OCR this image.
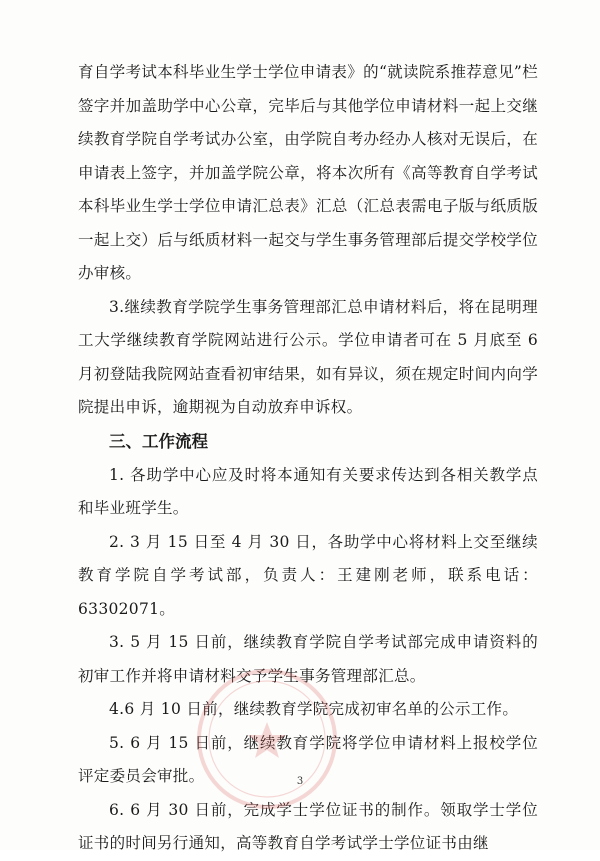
育自学考试本科毕业生学士学位申请表》的“就读院系推荐意见”栏签字并加盖助学中心公章，完毕后与其他学位申请材料一起上交继续教育学院自学考试办公室，由学院自考办经办人核对无误后，在申请表上签字，并加盖学院公章，将本次所有《高等教育自学考试本科毕业生学士学位申请汇总表》汇总（汇总表需电子版与纸质版一起上交）后与纸质材料一起交与学生事务管理部后提交学校学位办审核。

3.继续教育学院学生事务管理部汇总申请材料后，将在昆明理工大学继续教育学院网站进行公示。学位申请者可在 5 月底至 6 月初登陆我院网站查看初审结果，如有异议，须在规定时间内向学院提出申诉，逾期视为自动放弃申诉权。

三、工作流程

1. 各助学中心应及时将本通知有关要求传达到各相关教学点和毕业班学生。

2. 3 月 15 日至 4 月 30 日，各助学中心将材料上交至继续教育学院自学考试部，负责人：王建刚老师，联系电话：63302071。

3. 5 月 15 日前，继续教育学院自学考试部完成申请资料的初审工作并将申请材料交予学生事务管理部汇总。

4.6 月 10 日前，继续教育学院完成初审名单的公示工作。

5. 6 月 15 日前，继续教育学院将学位申请材料上报校学位评定委员会审批。

6. 6 月 30 日前，完成学士学位证书的制作。领取学士学位证书的时间另行通知，高等教育自学考试学士学位证书由继

3
